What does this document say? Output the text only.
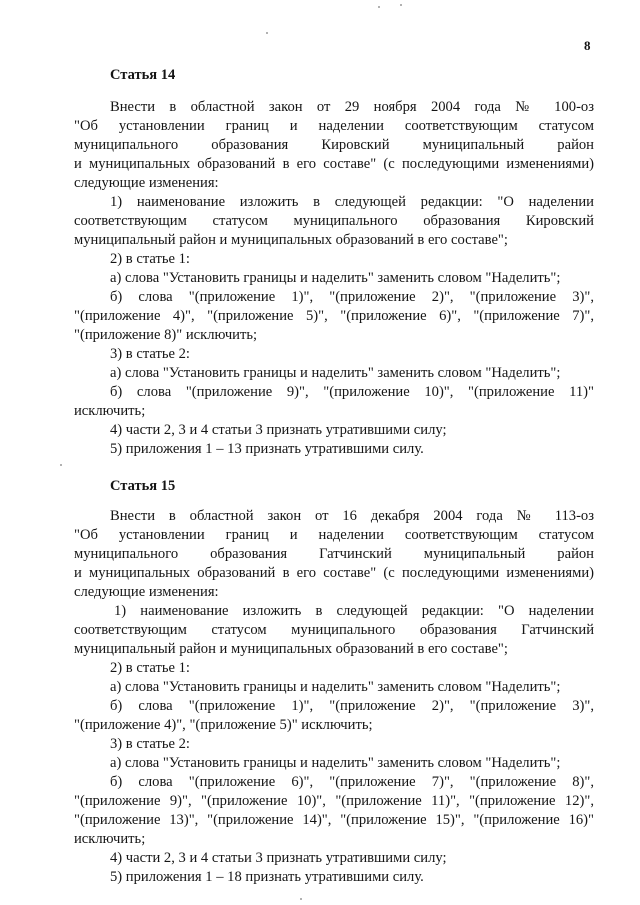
8
Статья 14
Внести в областной закон от 29 ноября 2004 года № 100-оз
"Об установлении границ и наделении соответствующим статусом
муниципального образования Кировский муниципальный район
и муниципальных образований в его составе" (с последующими изменениями)
следующие изменения:
1) наименование изложить в следующей редакции: "О наделении
соответствующим статусом муниципального образования Кировский
муниципальный район и муниципальных образований в его составе";
2) в статье 1:
а) слова "Установить границы и наделить" заменить словом "Наделить";
б) слова "(приложение 1)", "(приложение 2)", "(приложение 3)",
"(приложение 4)", "(приложение 5)", "(приложение 6)", "(приложение 7)",
"(приложение 8)" исключить;
3) в статье 2:
а) слова "Установить границы и наделить" заменить словом "Наделить";
б) слова "(приложение 9)", "(приложение 10)", "(приложение 11)"
исключить;
4) части 2, 3 и 4 статьи 3 признать утратившими силу;
5) приложения 1 – 13 признать утратившими силу.
Статья 15
Внести в областной закон от 16 декабря 2004 года № 113-оз
"Об установлении границ и наделении соответствующим статусом
муниципального образования Гатчинский муниципальный район
и муниципальных образований в его составе" (с последующими изменениями)
следующие изменения:
1) наименование изложить в следующей редакции: "О наделении
соответствующим статусом муниципального образования Гатчинский
муниципальный район и муниципальных образований в его составе";
2) в статье 1:
а) слова "Установить границы и наделить" заменить словом "Наделить";
б) слова "(приложение 1)", "(приложение 2)", "(приложение 3)",
"(приложение 4)", "(приложение 5)" исключить;
3) в статье 2:
а) слова "Установить границы и наделить" заменить словом "Наделить";
б) слова "(приложение 6)", "(приложение 7)", "(приложение 8)",
"(приложение 9)", "(приложение 10)", "(приложение 11)", "(приложение 12)",
"(приложение 13)", "(приложение 14)", "(приложение 15)", "(приложение 16)"
исключить;
4) части 2, 3 и 4 статьи 3 признать утратившими силу;
5) приложения 1 – 18 признать утратившими силу.
